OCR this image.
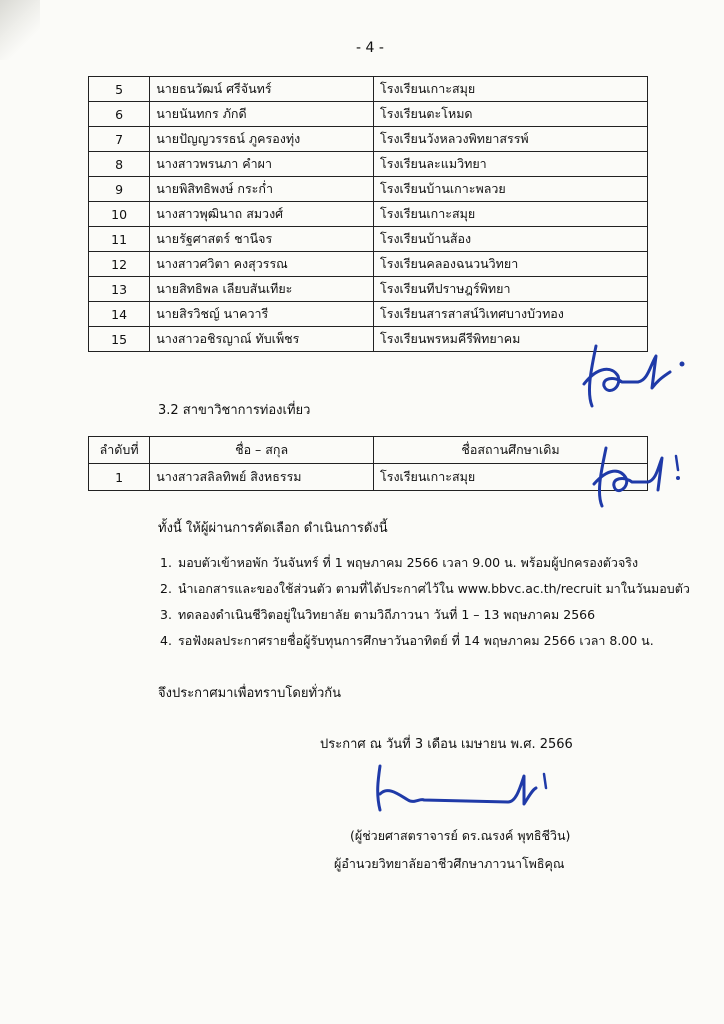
- 4 -
5	นายธนวัฒน์ ศรีจันทร์	โรงเรียนเกาะสมุย
6	นายนันทกร ภักดี	โรงเรียนตะโหมด
7	นายปัญญวรรธน์ ภูครองทุ่ง	โรงเรียนวังหลวงพิทยาสรรพ์
8	นางสาวพรนภา คำผา	โรงเรียนละแมวิทยา
9	นายพิสิทธิพงษ์ กระก่ำ	โรงเรียนบ้านเกาะพลวย
10	นางสาวพุฒินาถ สมวงศ์	โรงเรียนเกาะสมุย
11	นายรัฐศาสตร์ ชานีจร	โรงเรียนบ้านส้อง
12	นางสาวศวิตา คงสุวรรณ	โรงเรียนคลองฉนวนวิทยา
13	นายสิทธิพล เลียบสันเทียะ	โรงเรียนทีปราษฎร์พิทยา
14	นายสิรวิชญ์ นาควารี	โรงเรียนสารสาสน์วิเทศบางบัวทอง
15	นางสาวอชิรญาณ์ ทับเพ็ชร	โรงเรียนพรหมคีรีพิทยาคม
3.2 สาขาวิชาการท่องเที่ยว
ลำดับที่	ชื่อ – สกุล	ชื่อสถานศึกษาเดิม
1	นางสาวสลิลทิพย์ สิงหธรรม	โรงเรียนเกาะสมุย
ทั้งนี้ ให้ผู้ผ่านการคัดเลือก ดำเนินการดังนี้
1. มอบตัวเข้าหอพัก วันจันทร์ ที่ 1 พฤษภาคม 2566 เวลา 9.00 น. พร้อมผู้ปกครองตัวจริง
2. นำเอกสารและของใช้ส่วนตัว ตามที่ได้ประกาศไว้ใน www.bbvc.ac.th/recruit มาในวันมอบตัว
3. ทดลองดำเนินชีวิตอยู่ในวิทยาลัย ตามวิถีภาวนา วันที่ 1 – 13 พฤษภาคม 2566
4. รอฟังผลประกาศรายชื่อผู้รับทุนการศึกษาวันอาทิตย์ ที่ 14 พฤษภาคม 2566 เวลา 8.00 น.
จึงประกาศมาเพื่อทราบโดยทั่วกัน
ประกาศ ณ วันที่ 3 เดือน เมษายน พ.ศ. 2566
(ผู้ช่วยศาสตราจารย์ ดร.ณรงค์ พุทธิชีวิน)
ผู้อำนวยวิทยาลัยอาชีวศึกษาภาวนาโพธิคุณ
